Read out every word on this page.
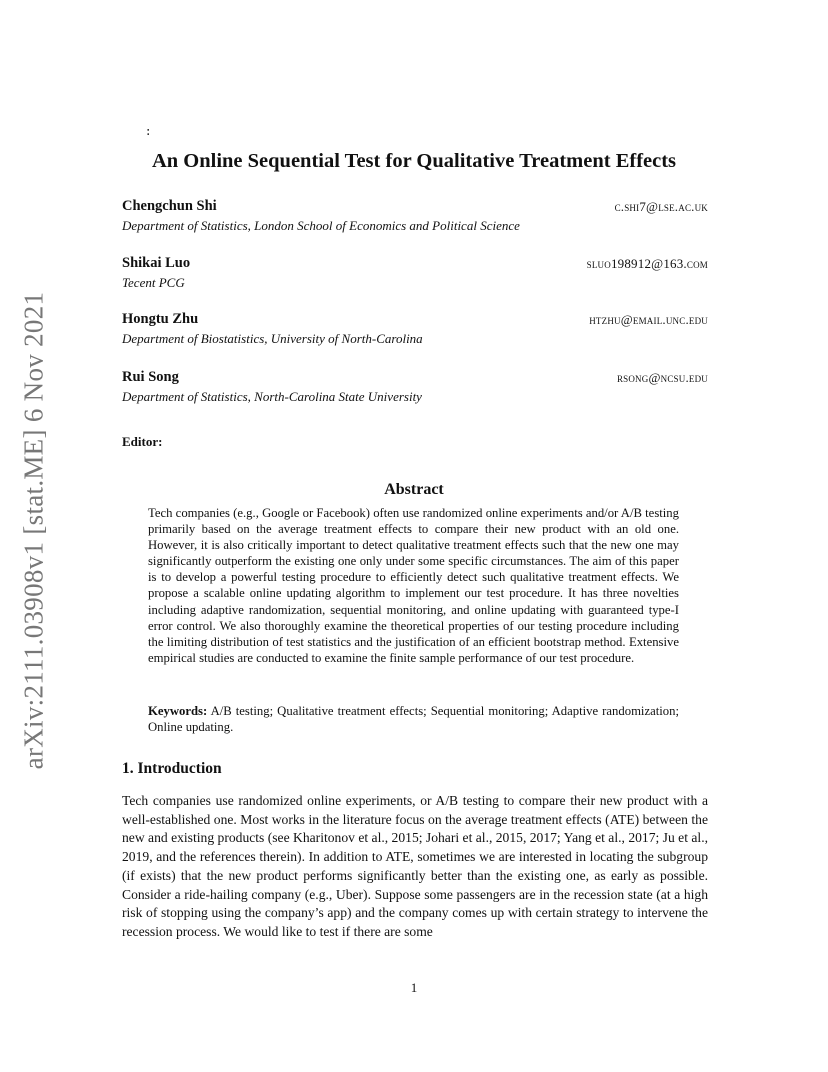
arXiv:2111.03908v1 [stat.ME] 6 Nov 2021
:
An Online Sequential Test for Qualitative Treatment Effects
Chengchun Shi	c.shi7@lse.ac.uk
Department of Statistics, London School of Economics and Political Science
Shikai Luo	sluo198912@163.com
Tecent PCG
Hongtu Zhu	htzhu@email.unc.edu
Department of Biostatistics, University of North-Carolina
Rui Song	rsong@ncsu.edu
Department of Statistics, North-Carolina State University
Editor:
Abstract
Tech companies (e.g., Google or Facebook) often use randomized online experiments and/or A/B testing primarily based on the average treatment effects to compare their new product with an old one. However, it is also critically important to detect qualitative treatment effects such that the new one may significantly outperform the existing one only under some specific circumstances. The aim of this paper is to develop a powerful testing procedure to efficiently detect such qualitative treatment effects. We propose a scalable online updating algorithm to implement our test procedure. It has three novelties including adaptive randomization, sequential monitoring, and online updating with guaranteed type-I error control. We also thoroughly examine the theoretical properties of our testing procedure including the limiting distribution of test statistics and the justification of an efficient bootstrap method. Extensive empirical studies are conducted to examine the finite sample performance of our test procedure.
Keywords: A/B testing; Qualitative treatment effects; Sequential monitoring; Adaptive randomization; Online updating.
1. Introduction
Tech companies use randomized online experiments, or A/B testing to compare their new product with a well-established one. Most works in the literature focus on the average treatment effects (ATE) between the new and existing products (see Kharitonov et al., 2015; Johari et al., 2015, 2017; Yang et al., 2017; Ju et al., 2019, and the references therein). In addition to ATE, sometimes we are interested in locating the subgroup (if exists) that the new product performs significantly better than the existing one, as early as possible. Consider a ride-hailing company (e.g., Uber). Suppose some passengers are in the recession state (at a high risk of stopping using the company’s app) and the company comes up with certain strategy to intervene the recession process. We would like to test if there are some
1
